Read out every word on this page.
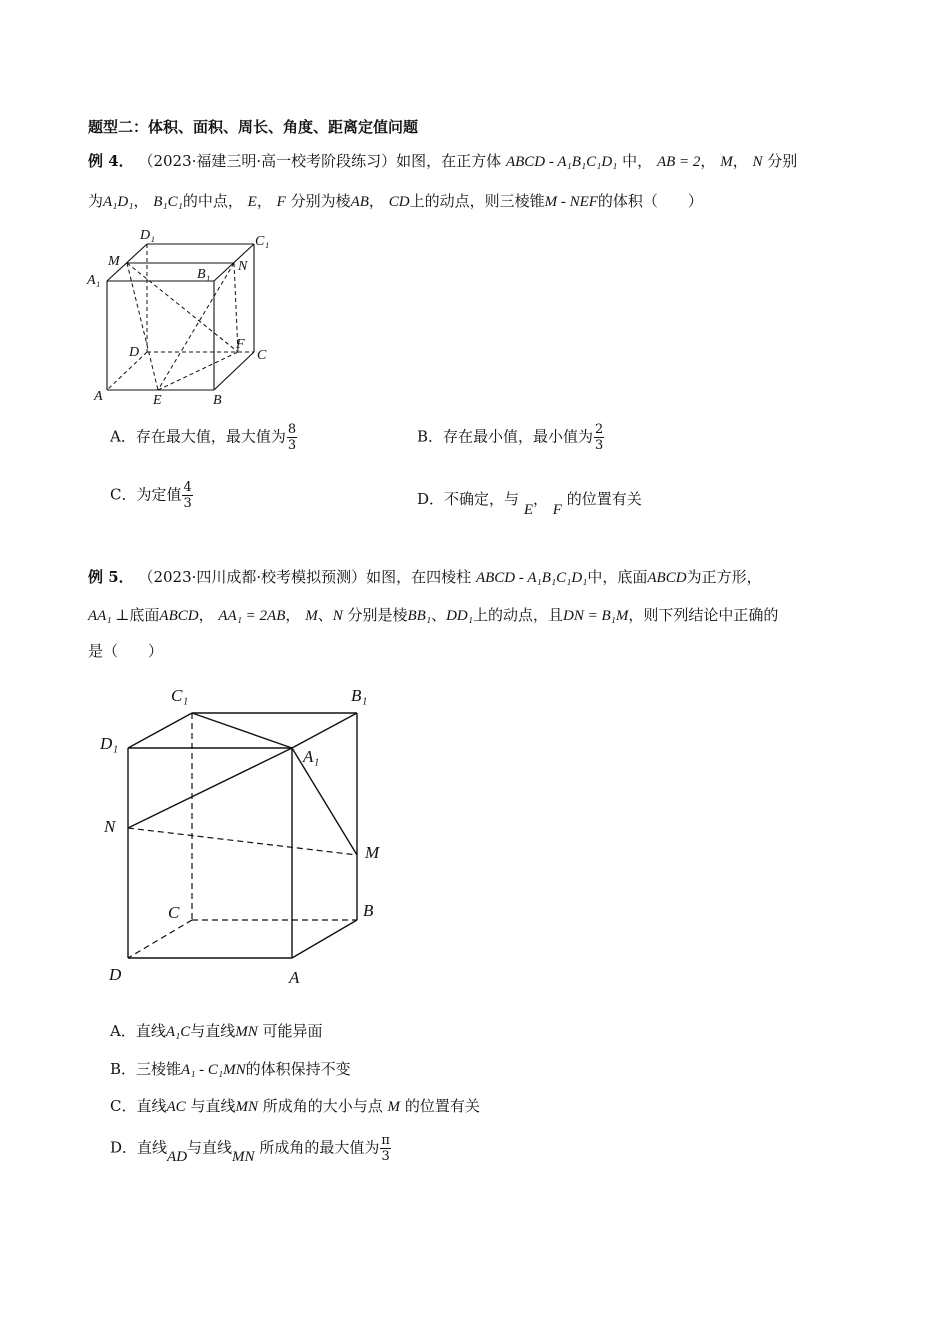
题型二：体积、面积、周长、角度、距离定值问题
例 4． （2023·福建三明·高一校考阶段练习）如图，在正方体 ABCD - A₁B₁C₁D₁ 中， AB = 2， M， N 分别
为A₁D₁， B₁C₁的中点， E， F 分别为棱AB， CD上的动点，则三棱锥M - NEF的体积（　　）
D₁	C₁
M
A₁	B₁
N
D
F
C
A	E	B
A．存在最大值，最大值为 $\frac{8}{3}$	B．存在最小值，最小值为 $\frac{2}{3}$
C．为定值 $\frac{4}{3}$	D．不确定，与 E， F 的位置有关
例 5． （2023·四川成都·校考模拟预测）如图，在四棱柱 ABCD - A₁B₁C₁D₁中，底面ABCD为正方形，
AA₁ ⊥底面ABCD， AA₁ = 2AB， M、N 分别是棱BB₁、DD₁上的动点，且DN = B₁M，则下列结论中正确的
是（　　）
C₁	B₁
D₁
A₁
N
M
C	B
D	A
A．直线A₁C与直线MN 可能异面
B．三棱锥A₁ - C₁MN的体积保持不变
C．直线AC 与直线MN 所成角的大小与点 M 的位置有关
D．直线AD与直线MN 所成角的最大值为 $\frac{\pi}{3}$
